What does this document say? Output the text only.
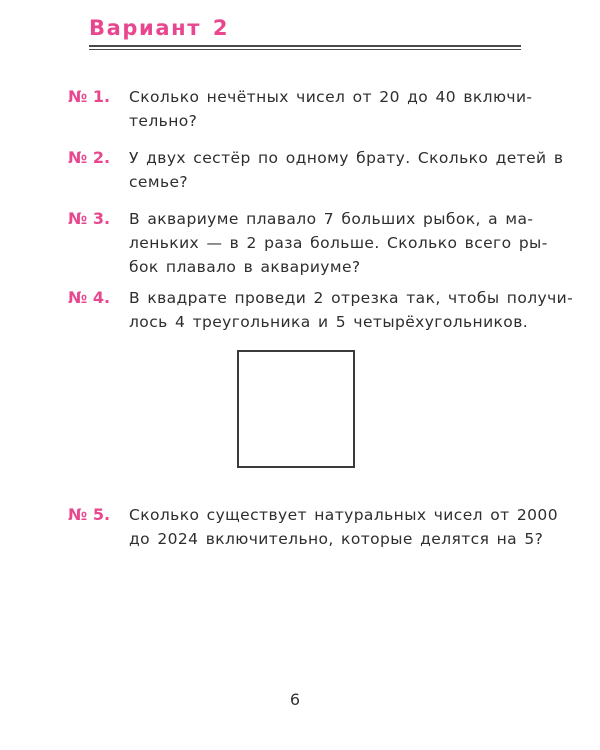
Вариант 2
№ 1. Сколько нечётных чисел от 20 до 40 включи-
тельно?
№ 2. У двух сестёр по одному брату. Сколько детей в
семье?
№ 3. В аквариуме плавало 7 больших рыбок, а ма-
леньких — в 2 раза больше. Сколько всего ры-
бок плавало в аквариуме?
№ 4. В квадрате проведи 2 отрезка так, чтобы получи-
лось 4 треугольника и 5 четырёхугольников.
№ 5. Сколько существует натуральных чисел от 2000
до 2024 включительно, которые делятся на 5?
6
